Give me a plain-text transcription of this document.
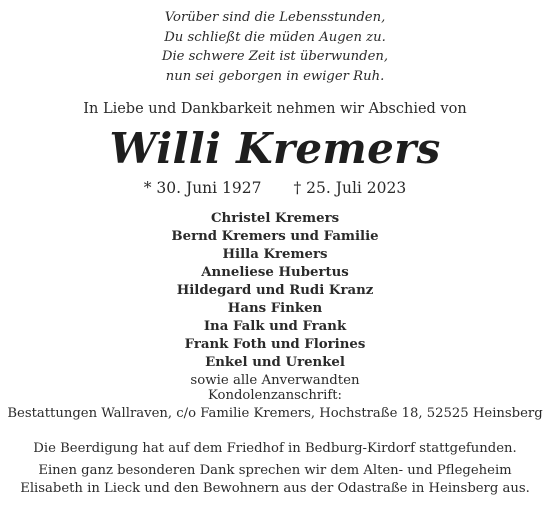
Vorüber sind die Lebensstunden,
Du schließt die müden Augen zu.
Die schwere Zeit ist überwunden,
nun sei geborgen in ewiger Ruh.
In Liebe und Dankbarkeit nehmen wir Abschied von
Willi Kremers
* 30. Juni 1927 † 25. Juli 2023
Christel Kremers
Bernd Kremers und Familie
Hilla Kremers
Anneliese Hubertus
Hildegard und Rudi Kranz
Hans Finken
Ina Falk und Frank
Frank Foth und Florines
Enkel und Urenkel
sowie alle Anverwandten
Kondolenzanschrift:
Bestattungen Wallraven, c/o Familie Kremers, Hochstraße 18, 52525 Heinsberg
Die Beerdigung hat auf dem Friedhof in Bedburg-Kirdorf stattgefunden.
Einen ganz besonderen Dank sprechen wir dem Alten- und Pflegeheim
Elisabeth in Lieck und den Bewohnern aus der Odastraße in Heinsberg aus.
